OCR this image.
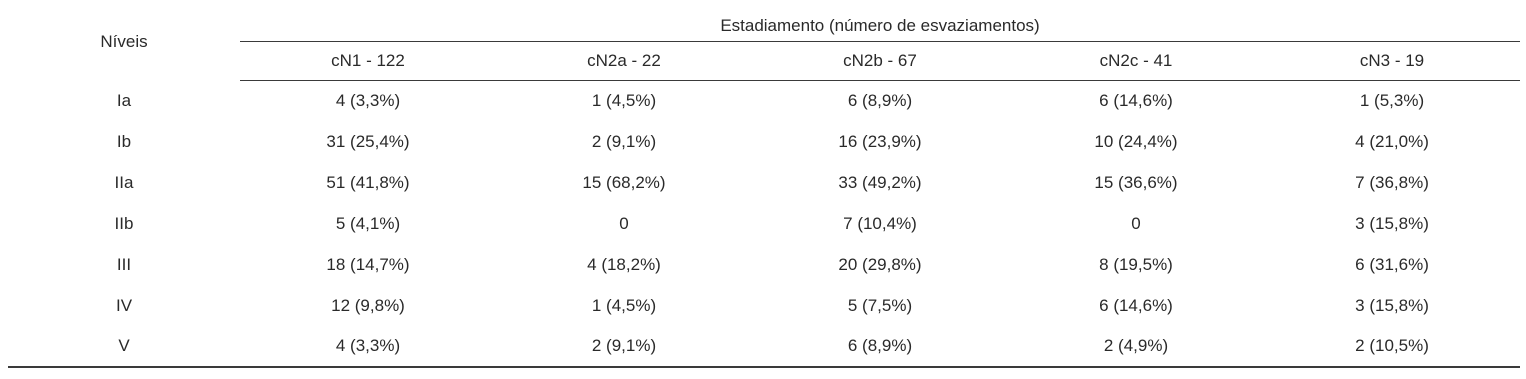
Níveis	Estadiamento (número de esvaziamentos)				
	cN1 - 122	cN2a - 22	cN2b - 67	cN2c - 41	cN3 - 19
Ia	4 (3,3%)	1 (4,5%)	6 (8,9%)	6 (14,6%)	1 (5,3%)
Ib	31 (25,4%)	2 (9,1%)	16 (23,9%)	10 (24,4%)	4 (21,0%)
IIa	51 (41,8%)	15 (68,2%)	33 (49,2%)	15 (36,6%)	7 (36,8%)
IIb	5 (4,1%)	0	7 (10,4%)	0	3 (15,8%)
III	18 (14,7%)	4 (18,2%)	20 (29,8%)	8 (19,5%)	6 (31,6%)
IV	12 (9,8%)	1 (4,5%)	5 (7,5%)	6 (14,6%)	3 (15,8%)
V	4 (3,3%)	2 (9,1%)	6 (8,9%)	2 (4,9%)	2 (10,5%)
